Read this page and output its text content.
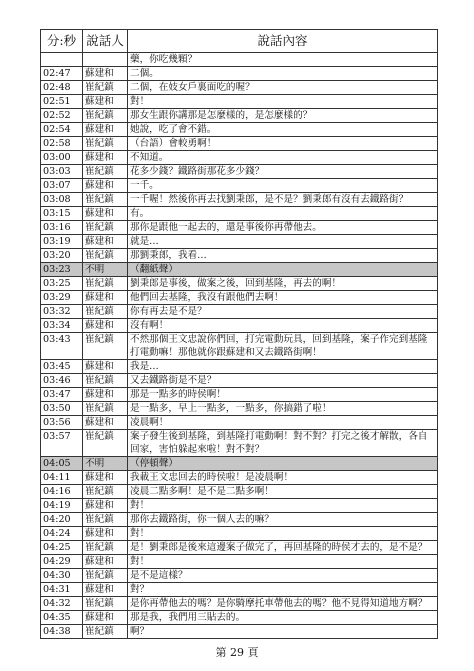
分:秒	說話人	說話內容
		藥，你吃幾顆？
02:47	蘇建和	二個。
02:48	崔紀鎮	二個，在妓女戶裏面吃的喔？
02:51	蘇建和	對！
02:52	崔紀鎮	那女生跟你講那是怎麼樣的，是怎麼樣的？
02:54	蘇建和	她說，吃了會不錯。
02:58	崔紀鎮	（台語）會較勇啊！
03:00	蘇建和	不知道。
03:03	崔紀鎮	花多少錢？鐵路街那花多少錢？
03:07	蘇建和	一千。
03:08	崔紀鎮	一千喔！然後你再去找劉秉郎，是不是？劉秉郎有沒有去鐵路街？
03:15	蘇建和	有。
03:16	崔紀鎮	那你是跟他一起去的，還是事後你再帶他去。
03:19	蘇建和	就是…
03:20	崔紀鎮	那劉秉郎，我看…
03:23	不明	（翻紙聲）
03:25	崔紀鎮	劉秉郎是事後，做案之後，回到基隆，再去的啊！
03:29	蘇建和	他們回去基隆，我沒有跟他們去啊！
03:32	崔紀鎮	你有再去是不是？
03:34	蘇建和	沒有啊！
03:43	崔紀鎮	不然那個王文忠說你們回，打完電動玩具，回到基隆，案子作完到基隆打電動嘛！那他就你跟蘇建和又去鐵路街啊！
03:45	蘇建和	我是…
03:46	崔紀鎮	又去鐵路街是不是？
03:47	蘇建和	那是一點多的時侯啊！
03:50	崔紀鎮	是一點多，早上一點多，一點多，你搞錯了啦！
03:56	蘇建和	凌晨啊！
03:57	崔紀鎮	案子發生後到基隆，到基隆打電動啊！對不對？打完之後才解散，各自回家，害怕躲起來啦！對不對？
04:05	不明	（停頓聲）
04:11	蘇建和	我載王文忠回去的時侯啦！是凌晨啊！
04:16	崔紀鎮	凌晨二點多啊！是不是二點多啊！
04:19	蘇建和	對！
04:20	崔紀鎮	那你去鐵路街，你一個人去的嘛？
04:24	蘇建和	對！
04:25	崔紀鎮	是！劉秉郎是後來這邊案子做完了，再回基隆的時侯才去的，是不是？
04:29	蘇建和	對！
04:30	崔紀鎮	是不是這樣？
04:31	蘇建和	對？
04:32	崔紀鎮	是你再帶他去的嗎？是你騎摩托車帶他去的嗎？他不見得知道地方啊？
04:35	蘇建和	那是我，我們用三貼去的。
04:38	崔紀鎮	啊？
第 29 頁
